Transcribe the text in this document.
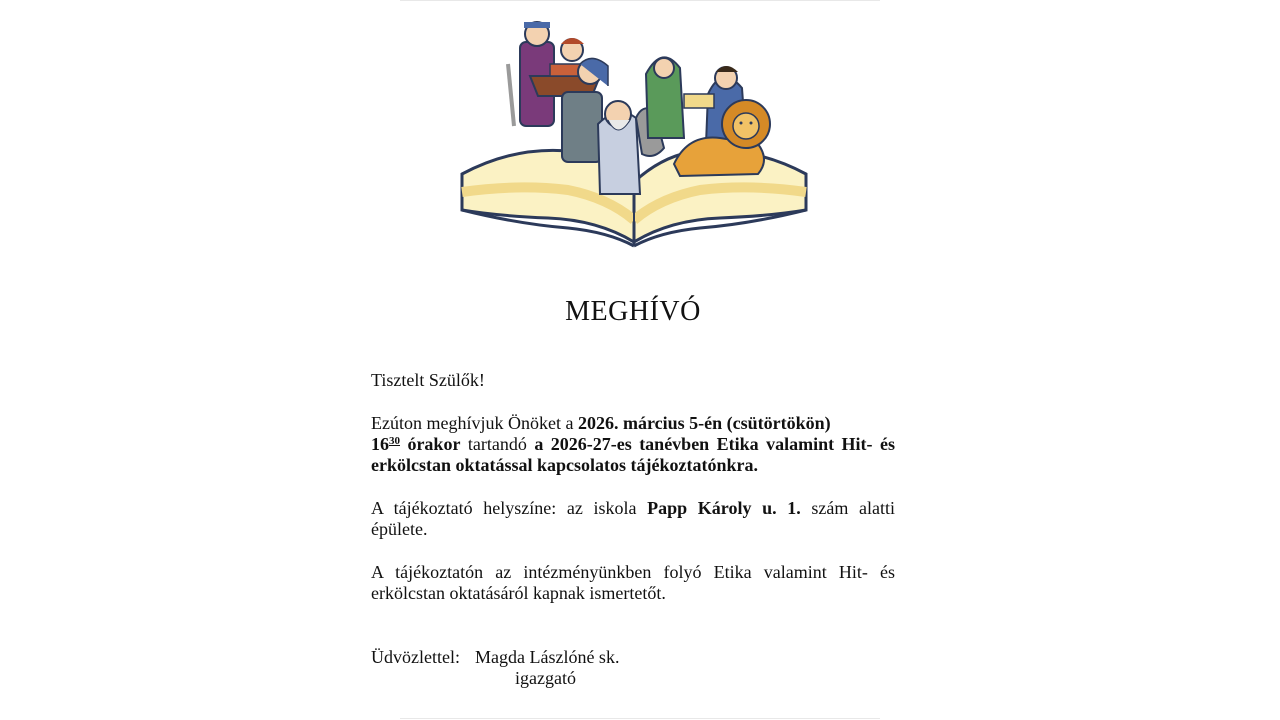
MEGHÍVÓ
Tisztelt Szülők!
Ezúton meghívjuk Önöket a 2026. március 5-én (csütörtökön)
$16^{30}$ órakor tartandó a 2026-27-es tanévben Etika valamint Hit- és
erkölcstan oktatással kapcsolatos tájékoztatónkra.
A tájékoztató helyszíne: az iskola Papp Károly u. 1. szám alatti
épülete.
A tájékoztatón az intézményünkben folyó Etika valamint Hit- és
erkölcstan oktatásáról kapnak ismertetőt.
Üdvözlettel: Magda Lászlóné sk.
igazgató
